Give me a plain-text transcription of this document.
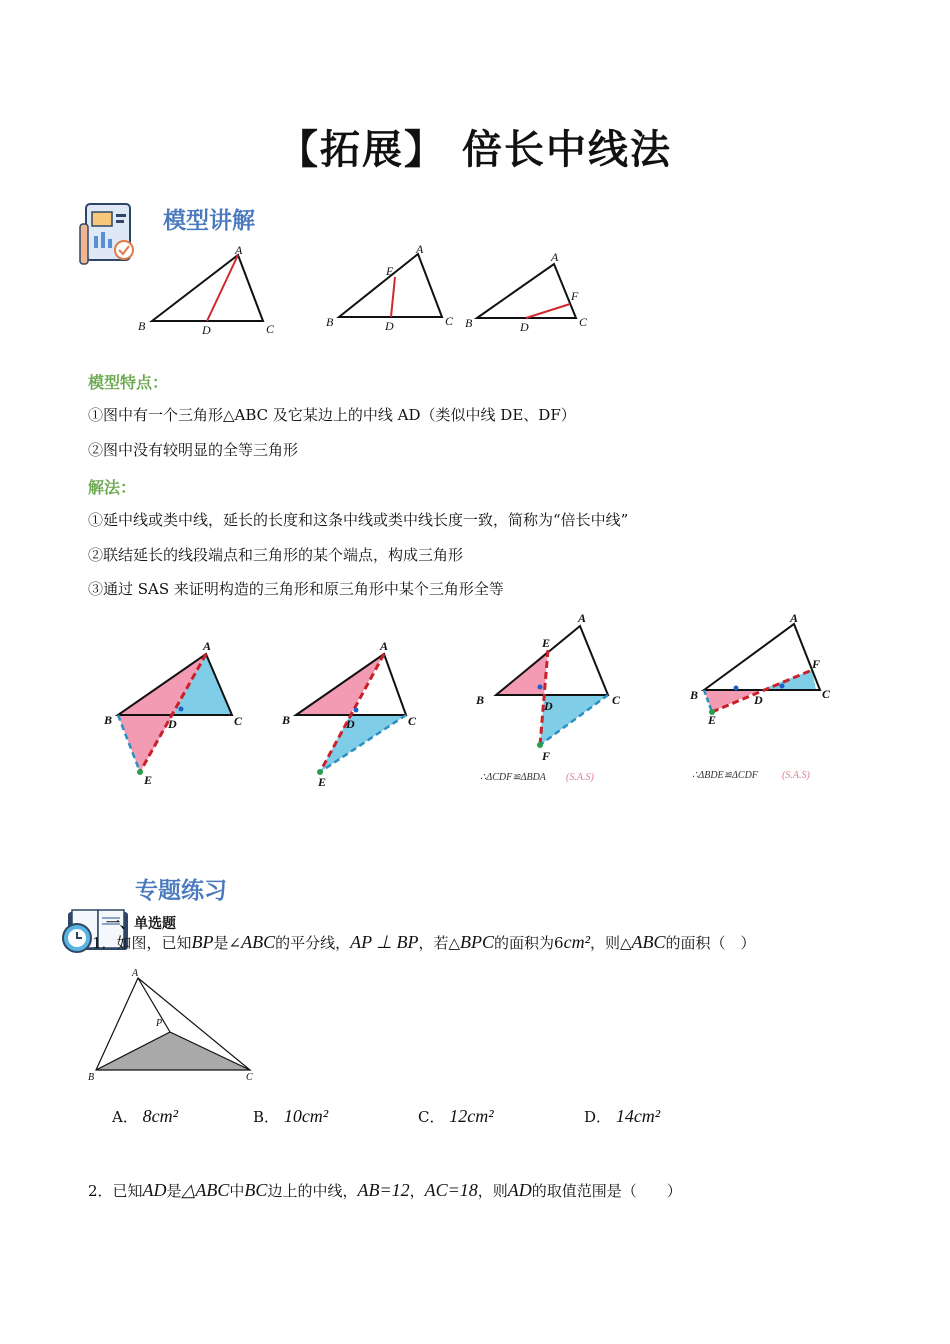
【拓展】 倍长中线法
模型讲解
A
B	D	C
A
E
B	D	C
A
F
B	D	C
模型特点：
①图中有一个三角形△ABC 及它某边上的中线 AD（类似中线 DE、DF）
②图中没有较明显的全等三角形
解法：
①延中线或类中线，延长的长度和这条中线或类中线长度一致，简称为“倍长中线”
②联结延长的线段端点和三角形的某个端点，构成三角形
③通过 SAS 来证明构造的三角形和原三角形中某个三角形全等
A
B	D	C
E
A
B	D	C
E
A
E
B	D	C
F
∴ΔCDF≌ΔBDA (S.A.S)
A
F
B	D	C
E
∴ΔBDE≌ΔCDF (S.A.S)
专题练习
一、单选题
1．如图，已知BP是∠ABC的平分线，AP ⊥ BP，若△BPC的面积为6cm²，则△ABC的面积（　）
A
P
B	C
A． 8cm²	B． 10cm²	C． 12cm²	D． 14cm²
2．已知AD是△ABC中BC边上的中线，AB=12，AC=18，则AD的取值范围是（　　）
